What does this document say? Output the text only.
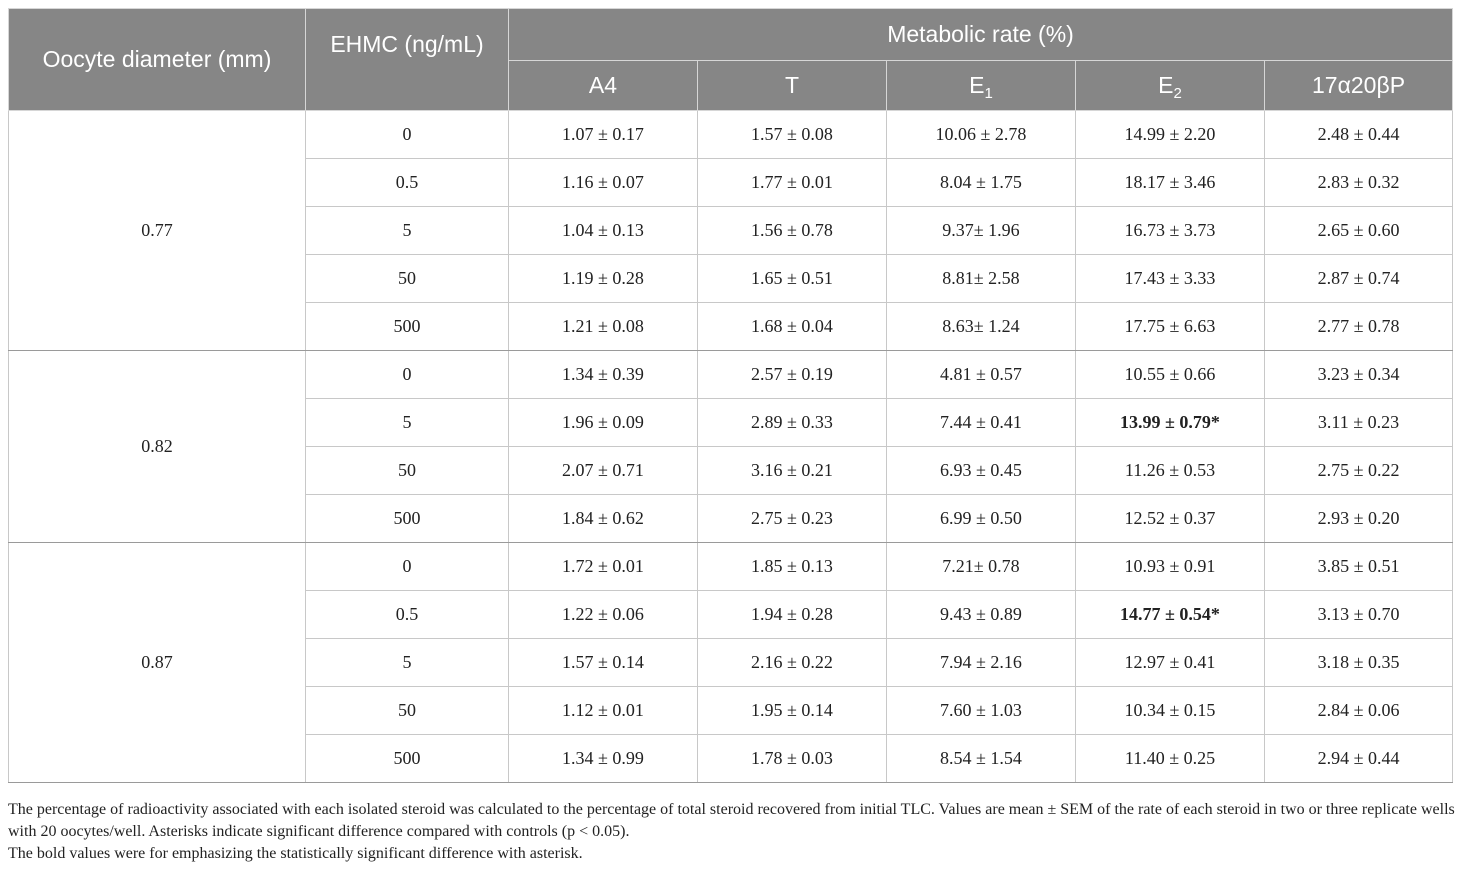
Oocyte diameter (mm)	EHMC (ng/mL)	Metabolic rate (%)				
		A4	T	$E_1$	$E_2$	17α20βP
0.77	0	1.07 ± 0.17	1.57 ± 0.08	10.06 ± 2.78	14.99 ± 2.20	2.48 ± 0.44
	0.5	1.16 ± 0.07	1.77 ± 0.01	8.04 ± 1.75	18.17 ± 3.46	2.83 ± 0.32
	5	1.04 ± 0.13	1.56 ± 0.78	9.37± 1.96	16.73 ± 3.73	2.65 ± 0.60
	50	1.19 ± 0.28	1.65 ± 0.51	8.81± 2.58	17.43 ± 3.33	2.87 ± 0.74
	500	1.21 ± 0.08	1.68 ± 0.04	8.63± 1.24	17.75 ± 6.63	2.77 ± 0.78
0.82	0	1.34 ± 0.39	2.57 ± 0.19	4.81 ± 0.57	10.55 ± 0.66	3.23 ± 0.34
	5	1.96 ± 0.09	2.89 ± 0.33	7.44 ± 0.41	13.99 ± 0.79*	3.11 ± 0.23
	50	2.07 ± 0.71	3.16 ± 0.21	6.93 ± 0.45	11.26 ± 0.53	2.75 ± 0.22
	500	1.84 ± 0.62	2.75 ± 0.23	6.99 ± 0.50	12.52 ± 0.37	2.93 ± 0.20
0.87	0	1.72 ± 0.01	1.85 ± 0.13	7.21± 0.78	10.93 ± 0.91	3.85 ± 0.51
	0.5	1.22 ± 0.06	1.94 ± 0.28	9.43 ± 0.89	14.77 ± 0.54*	3.13 ± 0.70
	5	1.57 ± 0.14	2.16 ± 0.22	7.94 ± 2.16	12.97 ± 0.41	3.18 ± 0.35
	50	1.12 ± 0.01	1.95 ± 0.14	7.60 ± 1.03	10.34 ± 0.15	2.84 ± 0.06
	500	1.34 ± 0.99	1.78 ± 0.03	8.54 ± 1.54	11.40 ± 0.25	2.94 ± 0.44

The percentage of radioactivity associated with each isolated steroid was calculated to the percentage of total steroid recovered from initial TLC. Values are mean ± SEM of the rate of each steroid in two or three replicate wells with 20 oocytes/well. Asterisks indicate significant difference compared with controls (p < 0.05).

The bold values were for emphasizing the statistically significant difference with asterisk.
